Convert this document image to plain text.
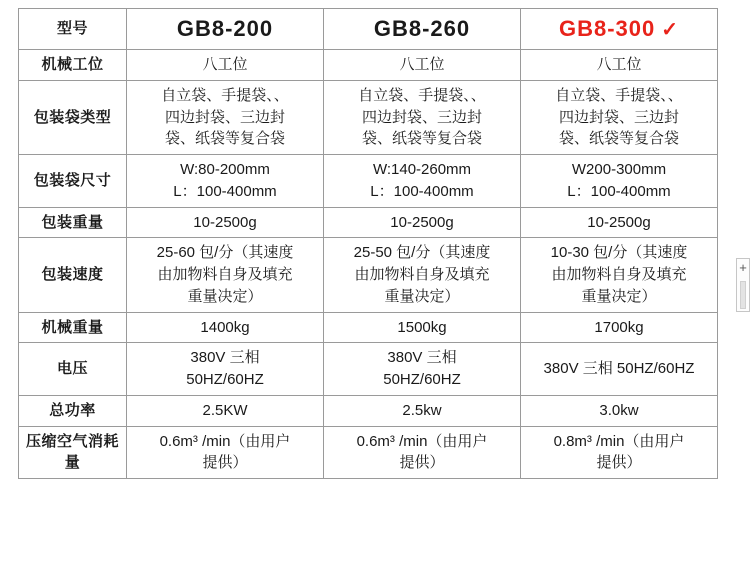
型号	GB8-200	GB8-260	GB8-300 ✓
机械工位	八工位	八工位	八工位

包装袋类型	自立袋、手提袋、、
四边封袋、三边封
袋、纸袋等复合袋	自立袋、手提袋、、
四边封袋、三边封
袋、纸袋等复合袋	自立袋、手提袋、、
四边封袋、三边封
袋、纸袋等复合袋

包装袋尺寸	W:80-200mm
L：100-400mm	W:140-260mm
L：100-400mm	W200-300mm
L：100-400mm

包装重量	10-2500g	10-2500g	10-2500g

包装速度	25-60 包/分（其速度
由加物料自身及填充
重量决定）	25-50 包/分（其速度
由加物料自身及填充
重量决定）	10-30 包/分（其速度
由加物料自身及填充
重量决定）

机械重量	1400kg	1500kg	1700kg

电压	380V 三相
50HZ/60HZ	380V 三相
50HZ/60HZ	380V 三相 50HZ/60HZ

总功率	2.5KW	2.5kw	3.0kw

压缩空气消耗量	0.6m³ /min（由用户
提供）	0.6m³ /min（由用户
提供）	0.8m³ /min（由用户
提供）
+
